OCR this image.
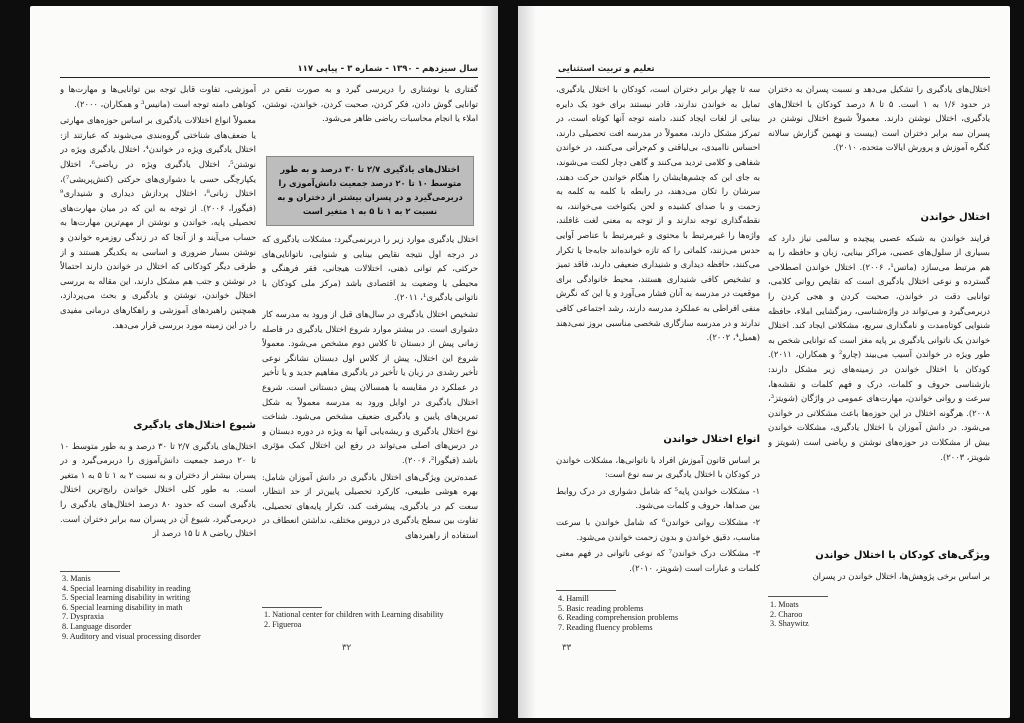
سال سیزدهم - ۱۳۹۰ - شماره ۳ - پیاپی ۱۱۷

گفتاری یا نوشتاری را دریرسی گیرد و به صورت نقص در توانایی گوش دادن، فکر کردن، صحبت کردن، خواندن، نوشتن، املاء یا انجام محاسبات ریاضی ظاهر می‌شود.

اختلال‌های یادگیری ۲/۷ تا ۳۰ درصد و به طور متوسط ۱۰ تا ۲۰ درصد جمعیت دانش‌آموزی را دربرمی‌گیرد و در پسران بیشتر از دختران و به نسبت ۲ به ۱ تا ۵ به ۱ متغیر است

اختلال یادگیری موارد زیر را دربرنمی‌گیرد: مشکلات یادگیری که در درجه اول نتیجه نقایص بینایی و شنوایی، ناتوانایی‌های حرکتی، کم توانی ذهنی، اختلالات هیجانی، فقر فرهنگی و محیطی یا وضعیت بد اقتصادی باشد (مرکز ملی کودکان با ناتوانی یادگیری¹، ۲۰۱۱).

تشخیص اختلال یادگیری در سال‌های قبل از ورود به مدرسه کار دشواری است. در بیشتر موارد شروع اختلال یادگیری در فاصله زمانی پیش از دبستان تا کلاس دوم مشخص می‌شود. معمولاً شروع این اختلال، پیش از کلاس اول دبستان نشانگر نوعی تأخیر رشدی در زبان یا تأخیر در یادگیری مفاهیم جدید و یا تأخیر در عملکرد در مقایسه با همسالان پیش دبستانی است. شروع اختلال یادگیری در اوایل ورود به مدرسه معمولاً به شکل تمرین‌های پایین و یادگیری ضعیف مشخص می‌شود. شناخت نوع اختلال یادگیری و ریشه‌یابی آنها به ویژه در دوره دبستان و در درس‌های اصلی می‌تواند در رفع این اختلال کمک مؤثری باشد (فیگورا²، ۲۰۰۶).

عمده‌ترین ویژگی‌های اختلال یادگیری در دانش آموزان شامل: بهره هوشی طبیعی، کارکرد تحصیلی پایین‌تر از حد انتظار، سعت کم در یادگیری، پیشرفت کند، تکرار پایه‌های تحصیلی، تفاوت بین سطح یادگیری در دروس مختلف، نداشتن انعطاف در استفاده از راهبردهای

آموزشی، تفاوت قابل توجه بین توانایی‌ها و مهارت‌ها و کوتاهی دامنه توجه است (مانیس³ و همکاران، ۲۰۰۰).

معمولاً انواع اختلالات یادگیری بر اساس حوزه‌های مهارتی یا ضعف‌های شناختی گروه‌بندی می‌شوند که عبارتند از: اختلال یادگیری ویژه در خواندن⁴، اختلال یادگیری ویژه در نوشتن⁵، اختلال یادگیری ویژه در ریاضی⁶، اختلال یکپارچگی حسی یا دشواری‌های حرکتی (کنش‌پریشی⁷)، اختلال زبانی⁸، اختلال پردازش دیداری و شنیداری⁹ (فیگورا، ۲۰۰۶). از توجه به این که در میان مهارت‌های تحصیلی پایه، خواندن و نوشتن از مهم‌ترین مهارت‌ها به حساب می‌آیند و از آنجا که در زندگی روزمره خواندن و نوشتن بسیار ضروری و اساسی به یکدیگر هستند و از طرفی دیگر کودکانی که اختلال در خواندن دارند احتمالاً در نوشتن و جتب هم مشکل دارند، این مقاله به بررسی اختلال خواندن، نوشتن و یادگیری و بحث می‌پردازد، همچنین راهبردهای آموزشی و راهکارهای درمانی مفیدی را در این زمینه مورد بررسی قرار می‌دهد.

شیوع اختلال‌های یادگیری

اختلال‌های یادگیری ۲/۷ تا ۳۰ درصد و به طور متوسط ۱۰ تا ۲۰ درصد جمعیت دانش‌آموزی را دربرمی‌گیرد و در پسران بیشتر از دختران و به نسبت ۲ به ۱ تا ۵ به ۱ متغیر است. به طور کلی اختلال خواندن رایج‌ترین اختلال یادگیری است که حدود ۸۰ درصد اختلال‌های یادگیری را دربرمی‌گیرد، شیوع آن در پسران سه برابر دختران است. اختلال ریاضی ۸ تا ۱۵ درصد از

1. National center for children with Learning disability
2. Figueroa
3. Manis
4. Special learning disability in reading
5. Special learning disability in writing
6. Special learning disability in math
7. Dyspraxia
8. Language disorder
9. Auditory and visual processing disorder
۳۲
تعلیم و تربیت استثنایی

اختلال‌های یادگیری را تشکیل می‌دهد و نسبت پسران به دختران در حدود ۱/۶ به ۱ است. ۵ تا ۸ درصد کودکان با اختلال‌های یادگیری، اختلال نوشتن دارند. معمولاً شیوع اختلال نوشتن در پسران سه برابر دختران است (بیست و نهمین گزارش سالانه کنگره آموزش و پرورش ایالات متحده، ۲۰۱۰).

اختلال خواندن

فرایند خواندن به شبکه عصبی پیچیده و سالمی نیاز دارد که بسیاری از سلول‌های عصبی، مراکز بینایی، زبان و حافظه را به هم مرتبط می‌سازد (ماتس¹، ۲۰۰۶). اختلال خواندن اصطلاحی گسترده و نوعی اختلال یادگیری است که نقایص روانی کلامی، توانایی دقت در خواندن، صحبت کردن و هجی کردن را دربرمی‌گیرد و می‌تواند در واژه‌شناسی، رمزگشایی املاء، حافظه شنوایی کوتاه‌مدت و نامگذاری سریع، مشکلاتی ایجاد کند. اختلال خواندن یک ناتوانی یادگیری بر پایه مغز است که توانایی شخص به طور ویژه در خواندن آسیب می‌بیند (چارو² و همکاران، ۲۰۱۱). کودکان با اختلال خواندن در زمینه‌های زیر مشکل دارند: بازشناسی حروف و کلمات، درک و فهم کلمات و نقشه‌ها، سرعت و روانی خواندن، مهارت‌های عمومی در واژگان (شویتز³، ۲۰۰۸). هرگونه اختلال در این حوزه‌ها باعث مشکلاتی در خواندن می‌شود. در دانش آموزان با اختلال یادگیری، مشکلات خواندن بیش از مشکلات در حوزه‌های نوشتن و ریاضی است (شویتز و شویتز، ۲۰۰۳).

ویژگی‌های کودکان با اختلال خواندن

بر اساس برخی پژوهش‌ها، اختلال خواندن در پسران

سه تا چهار برابر دختران است، کودکان با اختلال یادگیری، تمایل به خواندن ندارند، قادر نیستند برای خود یک دایره بینایی از لغات ایجاد کنند، دامنه توجه آنها کوتاه است، در تمرکز مشکل دارند، معمولاً در مدرسه افت تحصیلی دارند، احساس ناامیدی، بی‌لیاقتی و کم‌جرأتی می‌کنند، در خواندن شفاهی و کلامی تردید می‌کنند و گاهی دچار لکنت می‌شوند، به جای این که چشم‌هایشان را هنگام خواندن حرکت دهند، سرشان را تکان می‌دهند، در رابطه با کلمه به کلمه به زحمت و با صدای کشیده و لحن یکنواخت می‌خوانند، به نقطه‌گذاری توجه ندارند و از توجه به معنی لغت غافلند، واژه‌ها را غیرمرتبط با محتوی و غیرمرتبط با عناصر آوایی حدس می‌زنند، کلماتی را که تازه خوانده‌اند جابه‌جا یا تکرار می‌کنند، حافظه دیداری و شنیداری ضعیفی دارند، فاقد تمیز و تشخیص کافی شنیداری هستند، محیط خانوادگی برای موقعیت در مدرسه به آنان فشار می‌آورد و یا این که نگرش منفی افراطی به عملکرد مدرسه دارند، رشد اجتماعی کافی ندارند و در مدرسه سازگاری شخصی مناسبی بروز نمی‌دهند (همیل⁴، ۲۰۰۲).

انواع اختلال خواندن

بر اساس قانون آموزش افراد با ناتوانی‌ها، مشکلات خواندن در کودکان با اختلال یادگیری بر سه نوع است:

۱- مشکلات خواندن پایه⁵ که شامل دشواری در درک روابط بین صداها، حروف و کلمات می‌شود.

۲- مشکلات روانی خواندن⁶ که شامل خواندن با سرعت مناسب، دقیق خواندن و بدون زحمت خواندن می‌شود.

۳- مشکلات درک خواندن⁷ که نوعی ناتوانی در فهم معنی کلمات و عبارات است (شویتز، ۲۰۱۰).

1. Moats
2. Charoo
3. Shaywitz
4. Hamill
5. Basic reading problems
6. Reading comprehension problems
7. Reading fluency problems
۳۳
